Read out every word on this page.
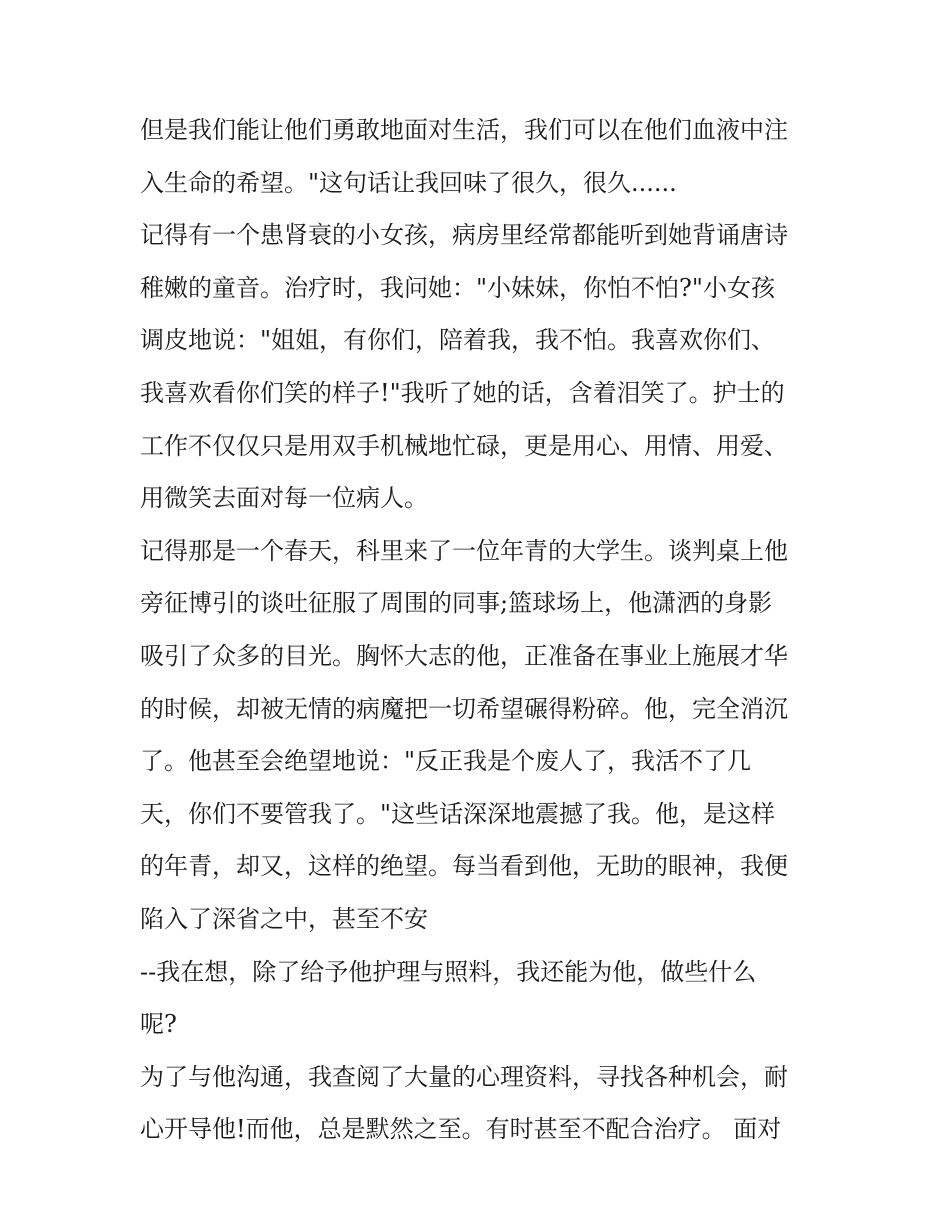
但是我们能让他们勇敢地面对生活，我们可以在他们血液中注
入生命的希望。"这句话让我回味了很久，很久......
记得有一个患肾衰的小女孩，病房里经常都能听到她背诵唐诗
稚嫩的童音。治疗时，我问她："小妹妹，你怕不怕?"小女孩
调皮地说："姐姐，有你们，陪着我，我不怕。我喜欢你们、
我喜欢看你们笑的样子!"我听了她的话，含着泪笑了。护士的
工作不仅仅只是用双手机械地忙碌，更是用心、用情、用爱、
用微笑去面对每一位病人。
记得那是一个春天，科里来了一位年青的大学生。谈判桌上他
旁征博引的谈吐征服了周围的同事;篮球场上，他潇洒的身影
吸引了众多的目光。胸怀大志的他，正准备在事业上施展才华
的时候，却被无情的病魔把一切希望碾得粉碎。他，完全消沉
了。他甚至会绝望地说："反正我是个废人了，我活不了几
天，你们不要管我了。"这些话深深地震撼了我。他，是这样
的年青，却又，这样的绝望。每当看到他，无助的眼神，我便
陷入了深省之中，甚至不安
--我在想，除了给予他护理与照料，我还能为他，做些什么
呢?
为了与他沟通，我查阅了大量的心理资料，寻找各种机会，耐
心开导他!而他，总是默然之至。有时甚至不配合治疗。 面对
